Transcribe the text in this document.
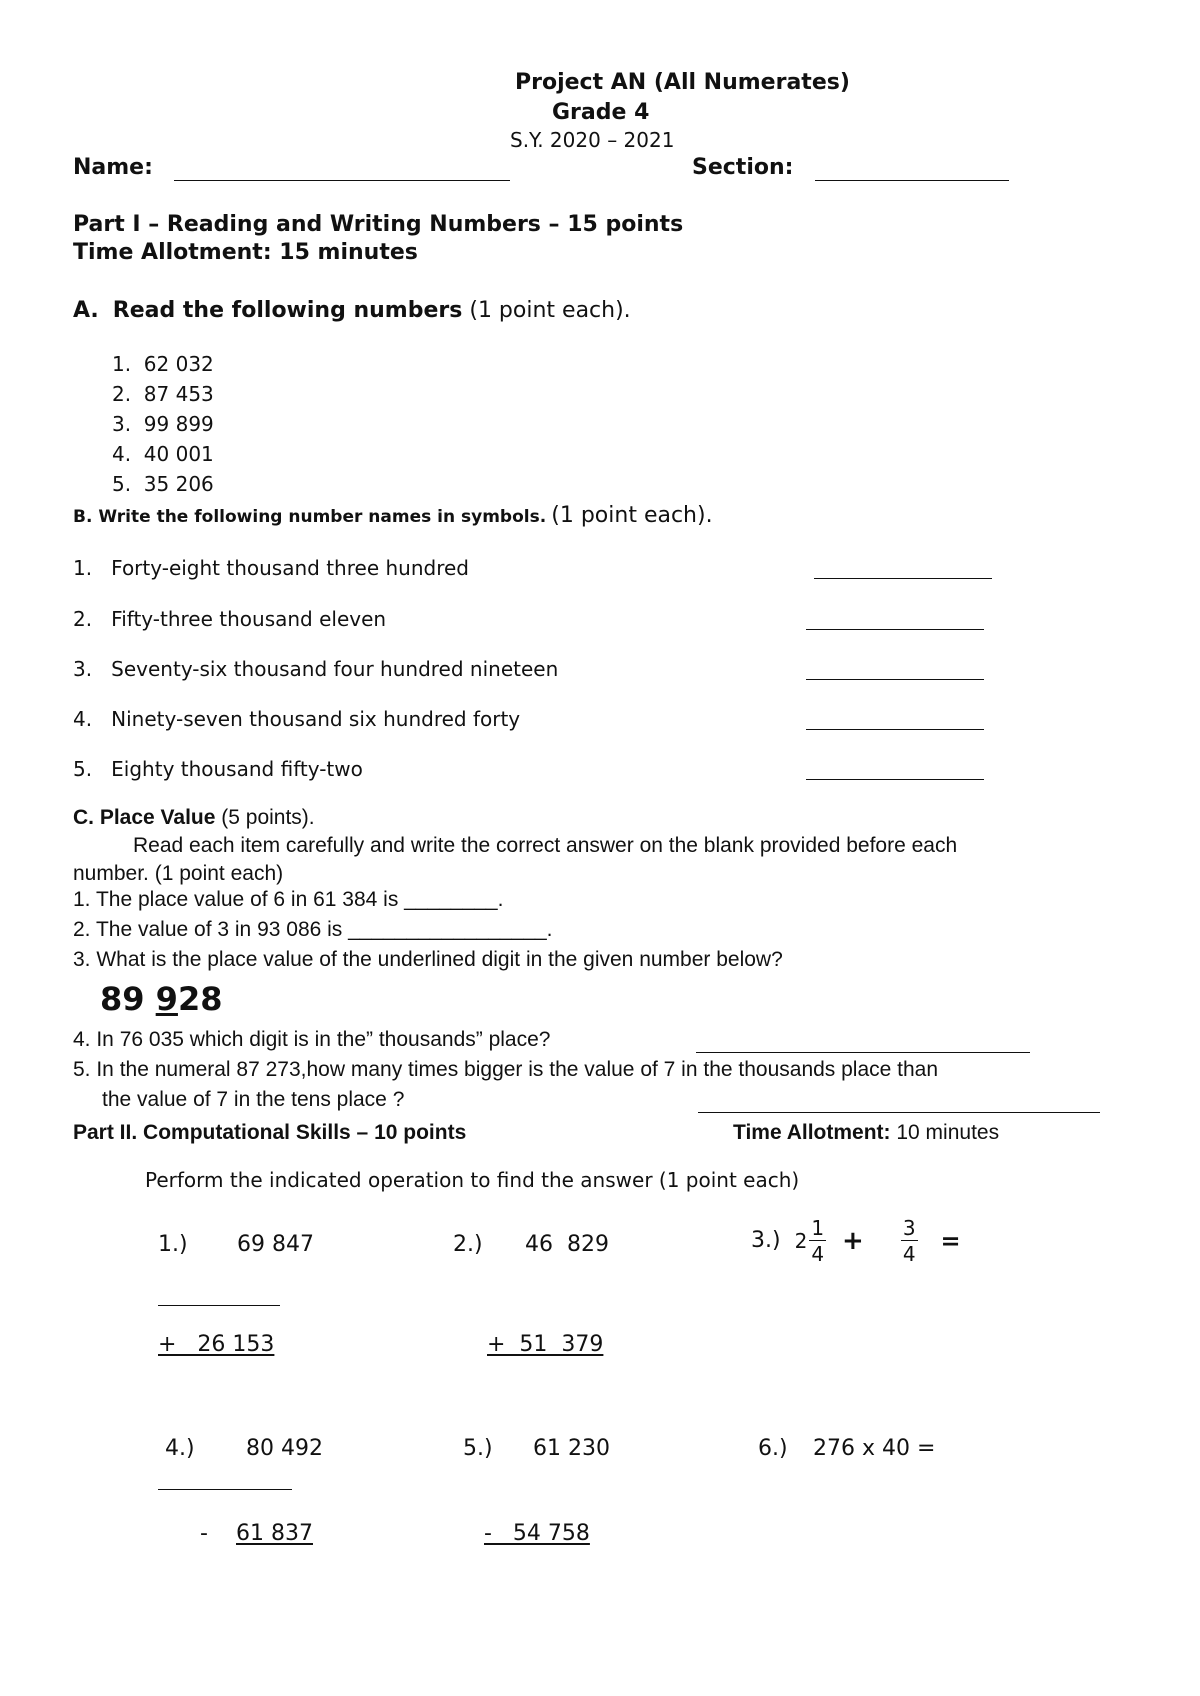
Project AN (All Numerates)
Grade 4
S.Y. 2020 – 2021
Name:	Section:
Part I – Reading and Writing Numbers – 15 points
Time Allotment: 15 minutes
A. Read the following numbers (1 point each).
1.  62 032
2.  87 453
3.  99 899
4.  40 001
5.  35 206
B. Write the following number names in symbols. (1 point each).
1.   Forty-eight thousand three hundred
2.   Fifty-three thousand eleven
3.   Seventy-six thousand four hundred nineteen
4.   Ninety-seven thousand six hundred forty
5.   Eighty thousand fifty-two
C. Place Value (5 points).
Read each item carefully and write the correct answer on the blank provided before each
number. (1 point each)
1. The place value of 6 in 61 384 is ________.
2. The value of 3 in 93 086 is _________________.
3. What is the place value of the underlined digit in the given number below?
89 928
4. In 76 035 which digit is in the” thousands” place?
5. In the numeral 87 273,how many times bigger is the value of 7 in the thousands place than
the value of 7 in the tens place ?
Part II. Computational Skills – 10 points	Time Allotment: 10 minutes
Perform the indicated operation to find the answer (1 point each)
1.) 69 847
+   26 153
2.) 46  829
+  51  379
3.) $2 \frac{1}{4} + \frac{3}{4}$ =
4.) 80 492
- 61 837
5.) 61 230
-   54 758
6.) 276 x 40 =
